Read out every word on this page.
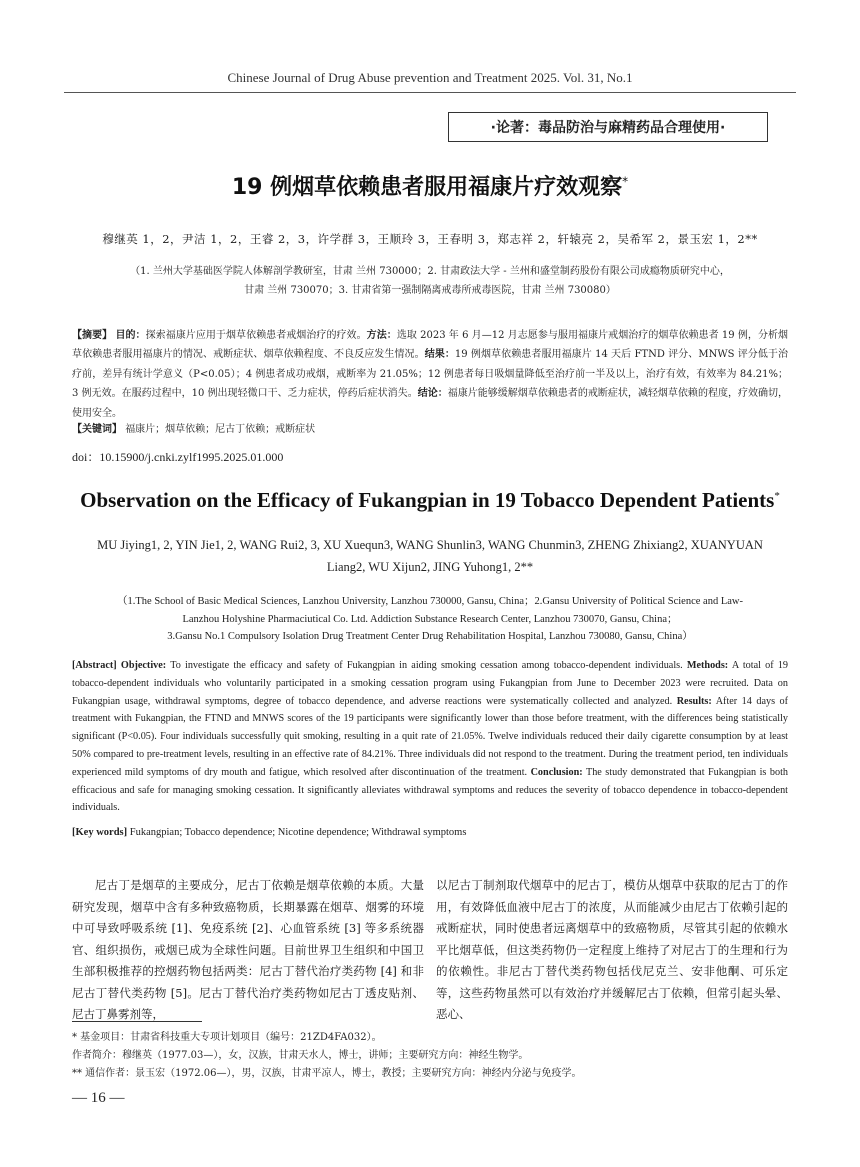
Chinese Journal of Drug Abuse prevention and Treatment 2025. Vol. 31, No.1
·论著：毒品防治与麻精药品合理使用·
19 例烟草依赖患者服用福康片疗效观察*
穆继英 1，2，尹洁 1，2，王睿 2，3，许学群 3，王顺玲 3，王春明 3，郑志祥 2，轩辕亮 2，吴希军 2，景玉宏 1，2**
（1. 兰州大学基础医学院人体解剖学教研室，甘肃 兰州 730000；2. 甘肃政法大学 - 兰州和盛堂制药股份有限公司成瘾物质研究中心，
甘肃 兰州 730070；3. 甘肃省第一强制隔离戒毒所戒毒医院，甘肃 兰州 730080）
【摘要】 目的：探索福康片应用于烟草依赖患者戒烟治疗的疗效。方法：选取 2023 年 6 月—12 月志愿参与服用福康片戒烟治疗的烟草依赖患者 19 例，分析烟草依赖患者服用福康片的情况、戒断症状、烟草依赖程度、不良反应发生情况。结果：19 例烟草依赖患者服用福康片 14 天后 FTND 评分、MNWS 评分低于治疗前，差异有统计学意义（P<0.05）；4 例患者成功戒烟，戒断率为 21.05%；12 例患者每日吸烟量降低至治疗前一半及以上，治疗有效，有效率为 84.21%；3 例无效。在服药过程中，10 例出现轻微口干、乏力症状，停药后症状消失。结论：福康片能够缓解烟草依赖患者的戒断症状，减轻烟草依赖的程度，疗效确切，使用安全。
【关键词】 福康片；烟草依赖；尼古丁依赖；戒断症状
doi：10.15900/j.cnki.zylf1995.2025.01.000
Observation on the Efficacy of Fukangpian in 19 Tobacco Dependent Patients*
MU Jiying1, 2, YIN Jie1, 2, WANG Rui2, 3, XU Xuequn3, WANG Shunlin3, WANG Chunmin3, ZHENG Zhixiang2, XUANYUAN
Liang2, WU Xijun2, JING Yuhong1, 2**
（1.The School of Basic Medical Sciences, Lanzhou University, Lanzhou 730000, Gansu, China；2.Gansu University of Political Science and Law-
Lanzhou Holyshine Pharmaciutical Co. Ltd. Addiction Substance Research Center, Lanzhou 730070, Gansu, China；
3.Gansu No.1 Compulsory Isolation Drug Treatment Center Drug Rehabilitation Hospital, Lanzhou 730080, Gansu, China）
[Abstract] Objective: To investigate the efficacy and safety of Fukangpian in aiding smoking cessation among tobacco-dependent individuals. Methods: A total of 19 tobacco-dependent individuals who voluntarily participated in a smoking cessation program using Fukangpian from June to December 2023 were recruited. Data on Fukangpian usage, withdrawal symptoms, degree of tobacco dependence, and adverse reactions were systematically collected and analyzed. Results: After 14 days of treatment with Fukangpian, the FTND and MNWS scores of the 19 participants were significantly lower than those before treatment, with the differences being statistically significant (P<0.05). Four individuals successfully quit smoking, resulting in a quit rate of 21.05%. Twelve individuals reduced their daily cigarette consumption by at least 50% compared to pre-treatment levels, resulting in an effective rate of 84.21%. Three individuals did not respond to the treatment. During the treatment period, ten individuals experienced mild symptoms of dry mouth and fatigue, which resolved after discontinuation of the treatment. Conclusion: The study demonstrated that Fukangpian is both efficacious and safe for managing smoking cessation. It significantly alleviates withdrawal symptoms and reduces the severity of tobacco dependence in tobacco-dependent individuals.
[Key words] Fukangpian; Tobacco dependence; Nicotine dependence; Withdrawal symptoms
尼古丁是烟草的主要成分，尼古丁依赖是烟草依赖的本质。大量研究发现，烟草中含有多种致癌物质，长期暴露在烟草、烟雾的环境中可导致呼吸系统 [1]、免疫系统 [2]、心血管系统 [3] 等多系统器官、组织损伤，戒烟已成为全球性问题。目前世界卫生组织和中国卫生部积极推荐的控烟药物包括两类：尼古丁替代治疗类药物 [4] 和非尼古丁替代类药物 [5]。尼古丁替代治疗类药物如尼古丁透皮贴剂、尼古丁鼻雾剂等，
以尼古丁制剂取代烟草中的尼古丁，模仿从烟草中获取的尼古丁的作用，有效降低血液中尼古丁的浓度，从而能减少由尼古丁依赖引起的戒断症状，同时使患者远离烟草中的致癌物质，尽管其引起的依赖水平比烟草低，但这类药物仍一定程度上维持了对尼古丁的生理和行为的依赖性。非尼古丁替代类药物包括伐尼克兰、安非他酮、可乐定等，这些药物虽然可以有效治疗并缓解尼古丁依赖，但常引起头晕、恶心、
* 基金项目：甘肃省科技重大专项计划项目（编号：21ZD4FA032）。
作者简介：穆继英（1977.03—），女，汉族，甘肃天水人，博士，讲师；主要研究方向：神经生物学。
** 通信作者：景玉宏（1972.06—），男，汉族，甘肃平凉人，博士，教授；主要研究方向：神经内分泌与免疫学。
— 16 —
